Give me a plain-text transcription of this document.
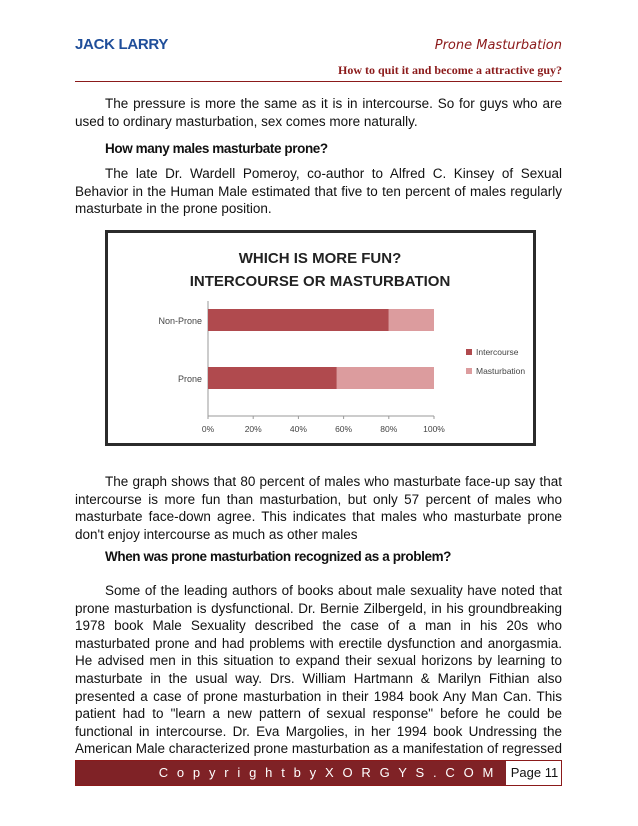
JACK LARRY	Prone Masturbation
How to quit it and become a attractive guy?
The pressure is more the same as it is in intercourse. So for guys who are used to ordinary masturbation, sex comes more naturally.
How many males masturbate prone?
The late Dr. Wardell Pomeroy, co-author to Alfred C. Kinsey of Sexual Behavior in the Human Male estimated that five to ten percent of males regularly masturbate in the prone position.
WHICH IS MORE FUN?
INTERCOURSE OR MASTURBATION
Non-Prone
Prone
0%	20%	40%	60%	80%	100%
Intercourse
Masturbation
The graph shows that 80 percent of males who masturbate face-up say that intercourse is more fun than masturbation, but only 57 percent of males who masturbate face-down agree. This indicates that males who masturbate prone don't enjoy intercourse as much as other males
When was prone masturbation recognized as a problem?
Some of the leading authors of books about male sexuality have noted that prone masturbation is dysfunctional. Dr. Bernie Zilbergeld, in his groundbreaking 1978 book Male Sexuality described the case of a man in his 20s who masturbated prone and had problems with erectile dysfunction and anorgasmia. He advised men in this situation to expand their sexual horizons by learning to masturbate in the usual way. Drs. William Hartmann & Marilyn Fithian also presented a case of prone masturbation in their 1984 book Any Man Can. This patient had to "learn a new pattern of sexual response" before he could be functional in intercourse. Dr. Eva Margolies, in her 1994 book Undressing the American Male characterized prone masturbation as a manifestation of regressed
C o p y r i g h t b y X O R G Y S . C O M	Page 11
